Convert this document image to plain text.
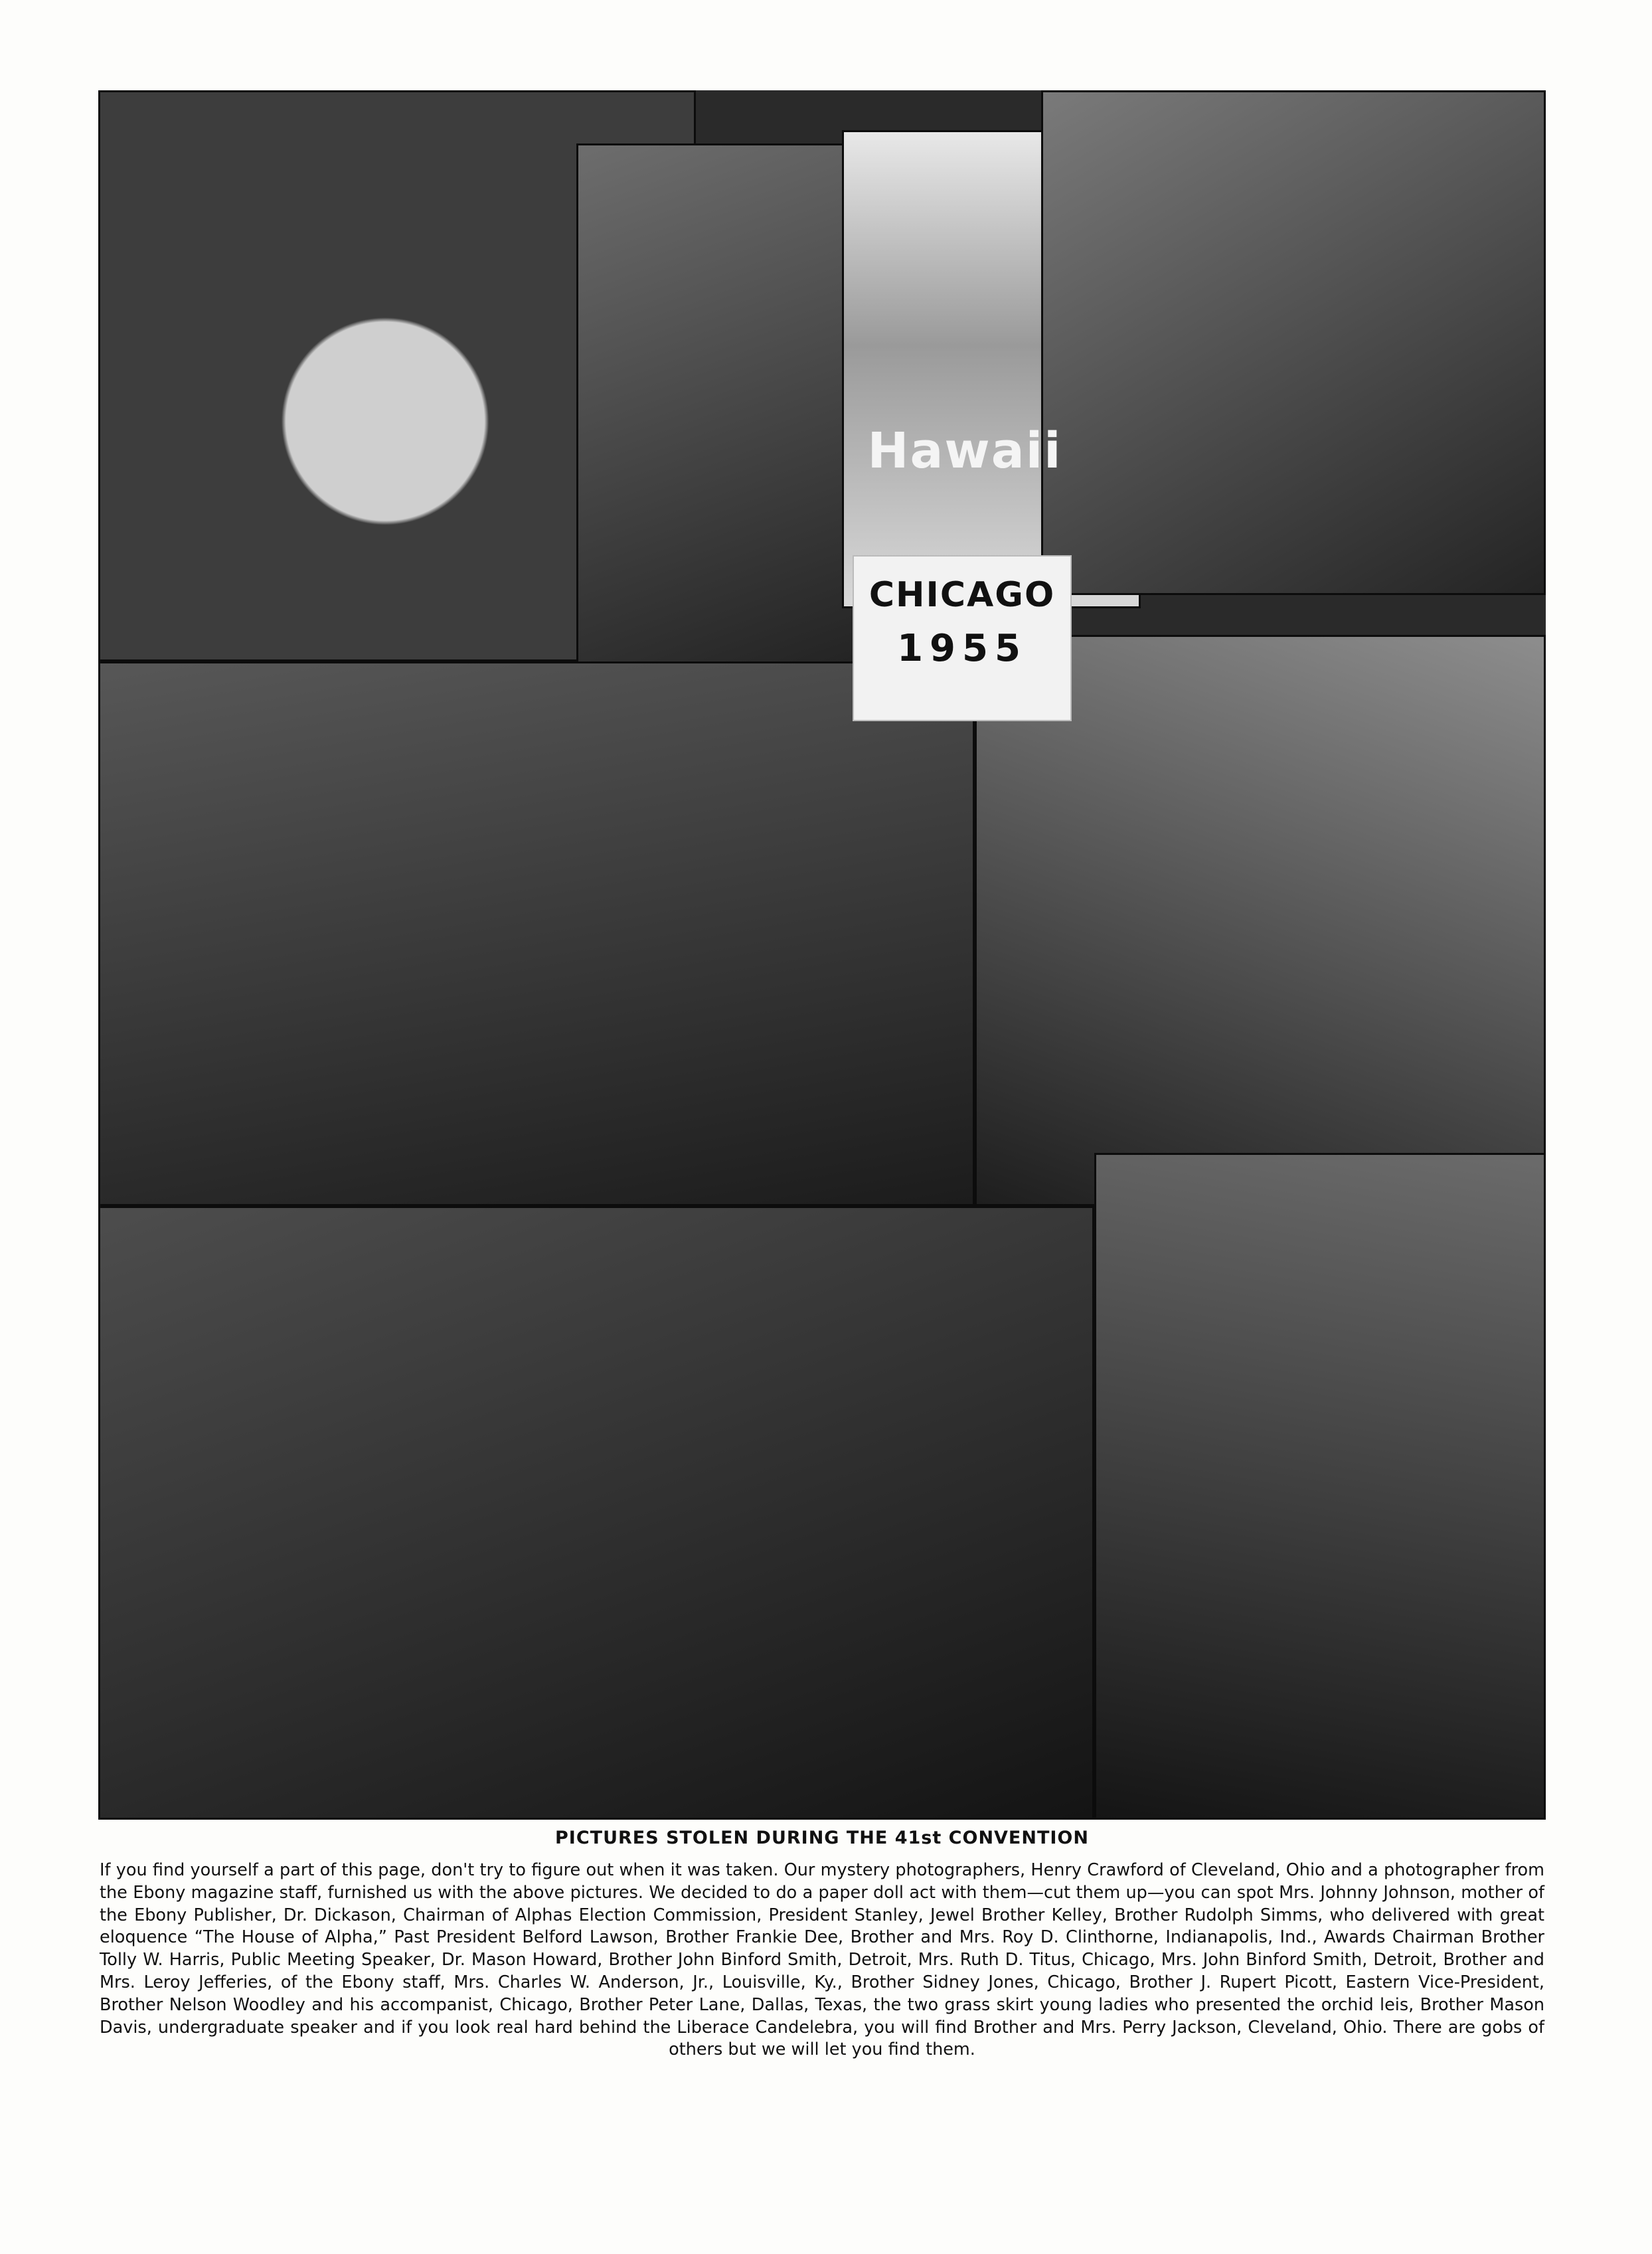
Hawaii
CHICAGO
1955
PICTURES STOLEN DURING THE 41st CONVENTION
If you find yourself a part of this page, don't try to figure out when it was taken. Our mystery photographers, Henry Crawford of Cleveland, Ohio and a photographer from the Ebony magazine staff, furnished us with the above pictures. We decided to do a paper doll act with them—cut them up—you can spot Mrs. Johnny Johnson, mother of the Ebony Publisher, Dr. Dickason, Chairman of Alphas Election Commission, President Stanley, Jewel Brother Kelley, Brother Rudolph Simms, who delivered with great eloquence “The House of Alpha,” Past President Belford Lawson, Brother Frankie Dee, Brother and Mrs. Roy D. Clinthorne, Indianapolis, Ind., Awards Chairman Brother Tolly W. Harris, Public Meeting Speaker, Dr. Mason Howard, Brother John Binford Smith, Detroit, Mrs. Ruth D. Titus, Chicago, Mrs. John Binford Smith, Detroit, Brother and Mrs. Leroy Jefferies, of the Ebony staff, Mrs. Charles W. Anderson, Jr., Louisville, Ky., Brother Sidney Jones, Chicago, Brother J. Rupert Picott, Eastern Vice-President, Brother Nelson Woodley and his accompanist, Chicago, Brother Peter Lane, Dallas, Texas, the two grass skirt young ladies who presented the orchid leis, Brother Mason Davis, undergraduate speaker and if you look real hard behind the Liberace Candelebra, you will find Brother and Mrs. Perry Jackson, Cleveland, Ohio. There are gobs of others but we will let you find them.
